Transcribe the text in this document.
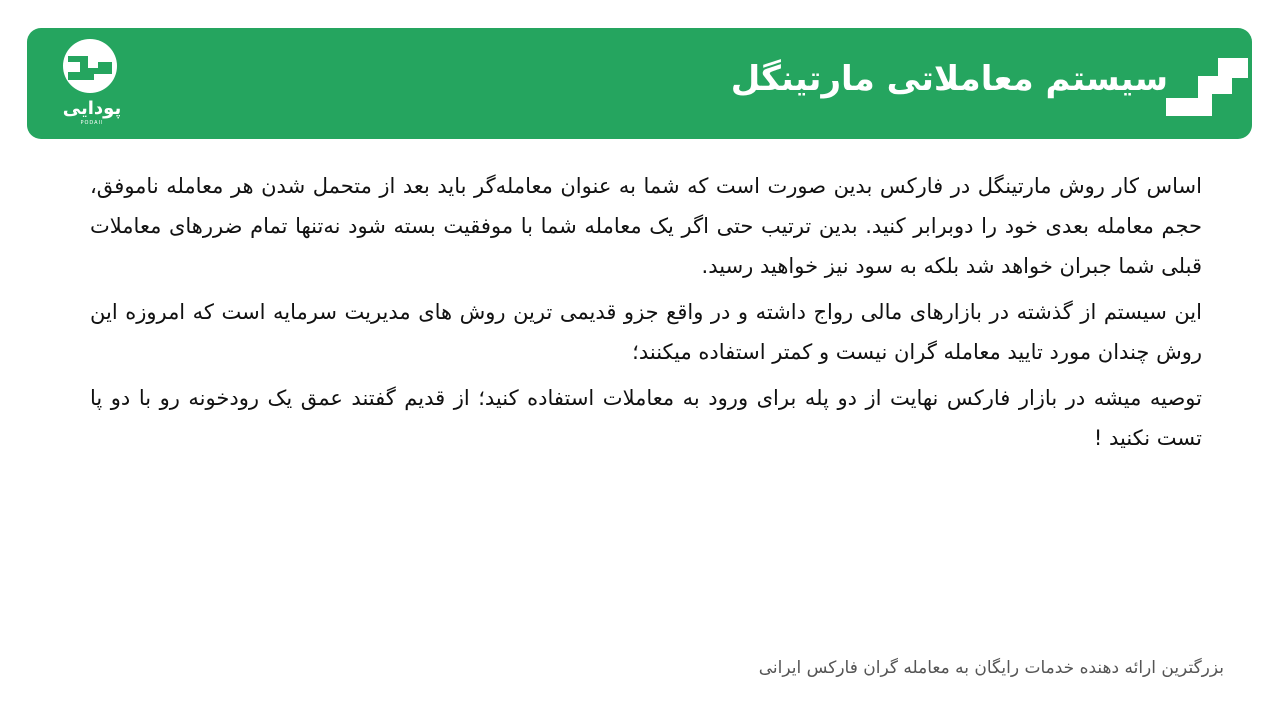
سیستم معاملاتی مارتینگل
پودایی
PODAII

اساس کار روش مارتینگل در فارکس بدین صورت است که شما به عنوان معامله‌گر باید بعد از متحمل شدن هر معامله ناموفق، حجم معامله بعدی خود را دوبرابر کنید. بدین ترتیب حتی اگر یک معامله شما با موفقیت بسته شود نه‌تنها تمام ضررهای معاملات قبلی شما جبران خواهد شد بلکه به سود نیز خواهید رسید.

این سیستم از گذشته در بازارهای مالی رواج داشته و در واقع جزو قدیمی ترین روش های مدیریت سرمایه است که امروزه این روش چندان مورد تایید معامله گران نیست و کمتر استفاده میکنند؛

توصیه میشه در بازار فارکس نهایت از دو پله برای ورود به معاملات استفاده کنید؛ از قدیم گفتند عمق یک رودخونه رو با دو پا تست نکنید !

بزرگترین ارائه دهنده خدمات رایگان به معامله گران فارکس ایرانی
